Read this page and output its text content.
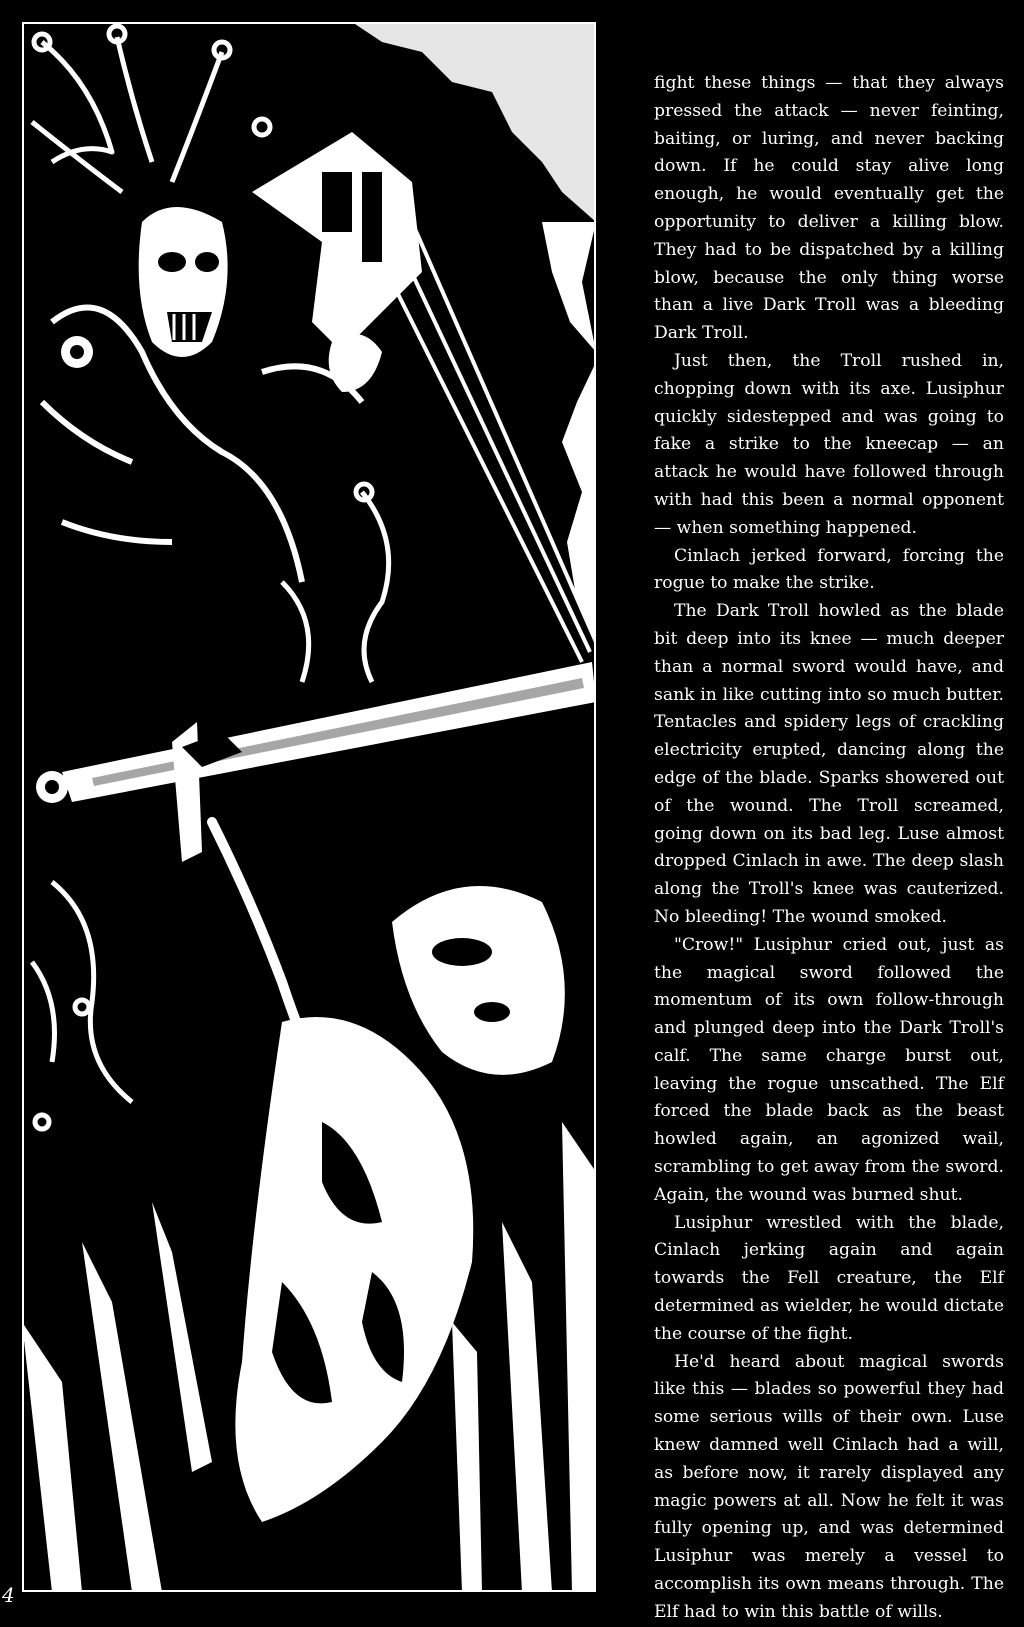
fight these things — that they always pressed the attack — never feinting, baiting, or luring, and never backing down. If he could stay alive long enough, he would eventually get the opportunity to deliver a killing blow. They had to be dispatched by a killing blow, because the only thing worse than a live Dark Troll was a bleeding Dark Troll.

Just then, the Troll rushed in, chopping down with its axe. Lusiphur quickly sidestepped and was going to fake a strike to the kneecap — an attack he would have followed through with had this been a normal opponent — when something happened.

Cinlach jerked forward, forcing the rogue to make the strike.

The Dark Troll howled as the blade bit deep into its knee — much deeper than a normal sword would have, and sank in like cutting into so much butter. Tentacles and spidery legs of crackling electricity erupted, dancing along the edge of the blade. Sparks showered out of the wound. The Troll screamed, going down on its bad leg. Luse almost dropped Cinlach in awe. The deep slash along the Troll's knee was cauterized. No bleeding! The wound smoked.

"Crow!" Lusiphur cried out, just as the magical sword followed the momentum of its own follow-through and plunged deep into the Dark Troll's calf. The same charge burst out, leaving the rogue unscathed. The Elf forced the blade back as the beast howled again, an agonized wail, scrambling to get away from the sword. Again, the wound was burned shut.

Lusiphur wrestled with the blade, Cinlach jerking again and again towards the Fell creature, the Elf determined as wielder, he would dictate the course of the fight.

He'd heard about magical swords like this — blades so powerful they had some serious wills of their own. Luse knew damned well Cinlach had a will, as before now, it rarely displayed any magic powers at all. Now he felt it was fully opening up, and was determined Lusiphur was merely a vessel to accomplish its own means through. The Elf had to win this battle of wills.

4
